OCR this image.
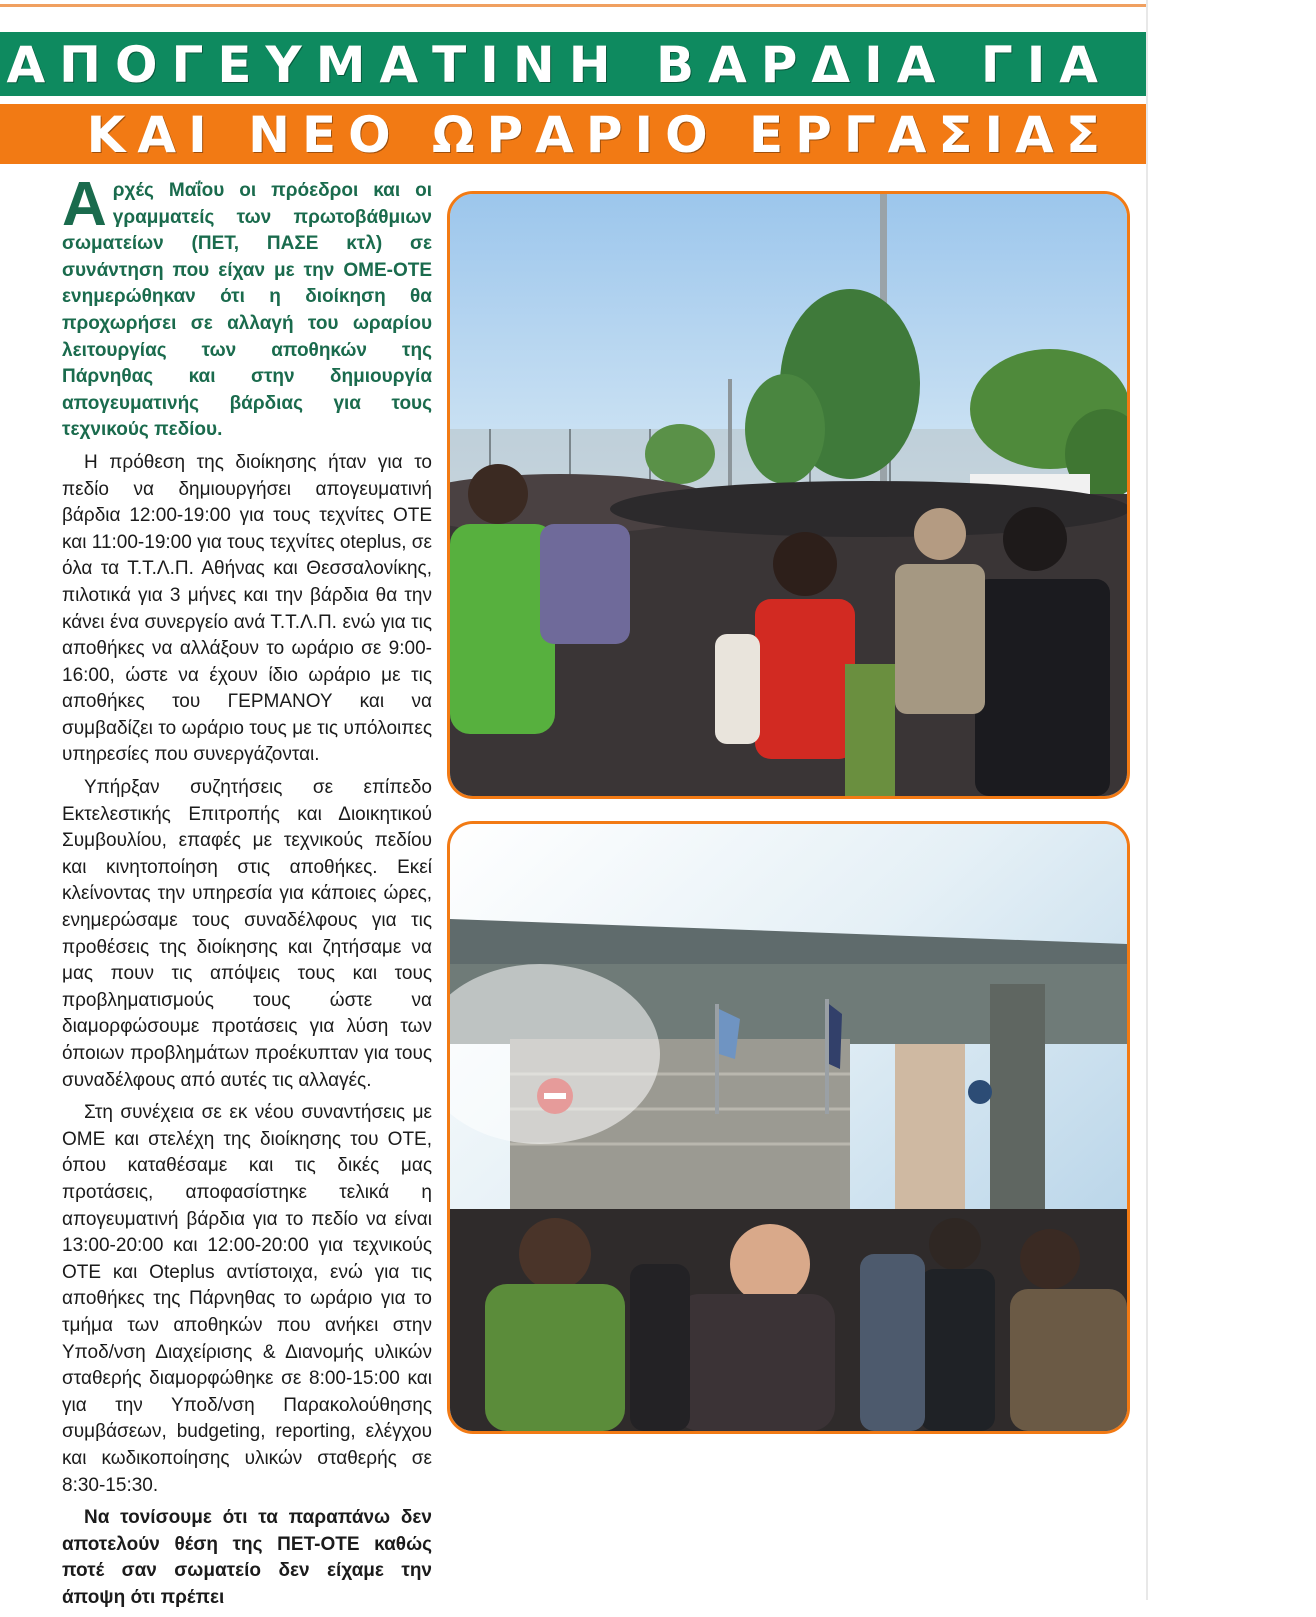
ΑΠΟΓΕΥΜΑΤΙΝΗ ΒΑΡΔΙΑ ΓΙΑ
ΚΑΙ ΝΕΟ ΩΡΑΡΙΟ ΕΡΓΑΣΙΑΣ

Αρχές Μαΐου οι πρόεδροι και οι γραμματείς των πρωτοβάθμιων σωματείων (ΠΕΤ, ΠΑΣΕ κτλ) σε συνάντηση που είχαν με την ΟΜΕ-ΟΤΕ ενημερώθηκαν ότι η διοίκηση θα προχωρήσει σε αλλαγή του ωραρίου λειτουργίας των αποθηκών της Πάρνηθας και στην δημιουργία απογευματινής βάρδιας για τους τεχνικούς πεδίου.

Η πρόθεση της διοίκησης ήταν για το πεδίο να δημιουργήσει απογευματινή βάρδια 12:00-19:00 για τους τεχνίτες ΟΤΕ και 11:00-19:00 για τους τεχνίτες oteplus, σε όλα τα Τ.Τ.Λ.Π. Αθήνας και Θεσσαλονίκης, πιλοτικά για 3 μήνες και την βάρδια θα την κάνει ένα συνεργείο ανά Τ.Τ.Λ.Π. ενώ για τις αποθήκες να αλλάξουν το ωράριο σε 9:00-16:00, ώστε να έχουν ίδιο ωράριο με τις αποθήκες του ΓΕΡΜΑΝΟΥ και να συμβαδίζει το ωράριο τους με τις υπόλοιπες υπηρεσίες που συνεργάζονται.

Υπήρξαν συζητήσεις σε επίπεδο Εκτελεστικής Επιτροπής και Διοικητικού Συμβουλίου, επαφές με τεχνικούς πεδίου και κινητοποίηση στις αποθήκες. Εκεί κλείνοντας την υπηρεσία για κάποιες ώρες, ενημερώσαμε τους συναδέλφους για τις προθέσεις της διοίκησης και ζητήσαμε να μας πουν τις απόψεις τους και τους προβληματισμούς τους ώστε να διαμορφώσουμε προτάσεις για λύση των όποιων προβλημάτων προέκυπταν για τους συναδέλφους από αυτές τις αλλαγές.

Στη συνέχεια σε εκ νέου συναντήσεις με ΟΜΕ και στελέχη της διοίκησης του ΟΤΕ, όπου καταθέσαμε και τις δικές μας προτάσεις, αποφασίστηκε τελικά η απογευματινή βάρδια για το πεδίο να είναι 13:00-20:00 και 12:00-20:00 για τεχνικούς ΟΤΕ και Oteplus αντίστοιχα, ενώ για τις αποθήκες της Πάρνηθας το ωράριο για το τμήμα των αποθηκών που ανήκει στην Υποδ/νση Διαχείρισης & Διανομής υλικών σταθερής διαμορφώθηκε σε 8:00-15:00 και για την Υποδ/νση Παρακολούθησης συμβάσεων, budgeting, reporting, ελέγχου και κωδικοποίησης υλικών σταθερής σε 8:30-15:30.

Να τονίσουμε ότι τα παραπάνω δεν αποτελούν θέση της ΠΕΤ-ΟΤΕ καθώς ποτέ σαν σωματείο δεν είχαμε την άποψη ότι πρέπει
